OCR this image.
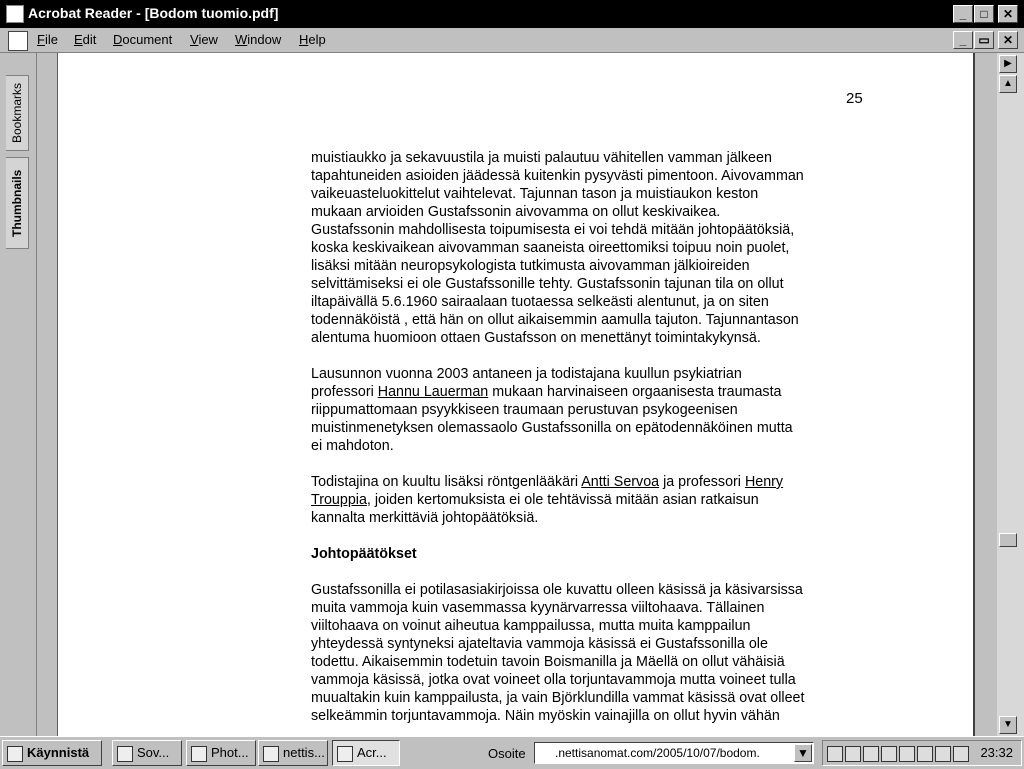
Acrobat Reader - [Bodom tuomio.pdf]	_	□	✕
File Edit Document View Window Help	_ ▭	✕
Bookmarks
Thumbnails
25

muistiaukko ja sekavuustila ja muisti palautuu vähitellen vamman jälkeen
tapahtuneiden asioiden jäädessä kuitenkin pysyvästi pimentoon. Aivovamman
vaikeuasteluokittelut vaihtelevat. Tajunnan tason ja muistiaukon keston
mukaan arvioiden Gustafssonin aivovamma on ollut keskivaikea.
Gustafssonin mahdollisesta toipumisesta ei voi tehdä mitään johtopäätöksiä,
koska keskivaikean aivovamman saaneista oireettomiksi toipuu noin puolet,
lisäksi mitään neuropsykologista tutkimusta aivovamman jälkioireiden
selvittämiseksi ei ole Gustafssonille tehty. Gustafssonin tajunan tila on ollut
iltapäivällä 5.6.1960 sairaalaan tuotaessa selkeästi alentunut, ja on siten
todennäköistä , että hän on ollut aikaisemmin aamulla tajuton. Tajunnantason
alentuma huomioon ottaen Gustafsson on menettänyt toimintakykynsä.

Lausunnon vuonna 2003 antaneen ja todistajana kuullun psykiatrian
professori Hannu Lauerman mukaan harvinaiseen orgaanisesta traumasta
riippumattomaan psyykkiseen traumaan perustuvan psykogeenisen
muistinmenetyksen olemassaolo Gustafssonilla on epätodennäköinen mutta
ei mahdoton.

Todistajina on kuultu lisäksi röntgenlääkäri Antti Servoa ja professori Henry
Trouppia, joiden kertomuksista ei ole tehtävissä mitään asian ratkaisun
kannalta merkittäviä johtopäätöksiä.

Johtopäätökset

Gustafssonilla ei potilasasiakirjoissa ole kuvattu olleen käsissä ja käsivarsissa
muita vammoja kuin vasemmassa kyynärvarressa viiltohaava. Tällainen
viiltohaava on voinut aiheutua kamppailussa, mutta muita kamppailun
yhteydessä syntyneksi ajateltavia vammoja käsissä ei Gustafssonilla ole
todettu. Aikaisemmin todetuin tavoin Boismanilla ja Mäellä on ollut vähäisiä
vammoja käsissä, jotka ovat voineet olla torjuntavammoja mutta voineet tulla
muualtakin kuin kamppailusta, ja vain Björklundilla vammat käsissä ovat olleet
selkeämmin torjuntavammoja. Näin myöskin vainajilla on ollut hyvin vähän

▶
▲
▼
Käynnistä	Sov...	Phot...	nettis...	Acr...	Osoite	.nettisanomat.com/2005/10/07/bodom.	▼	23:32
